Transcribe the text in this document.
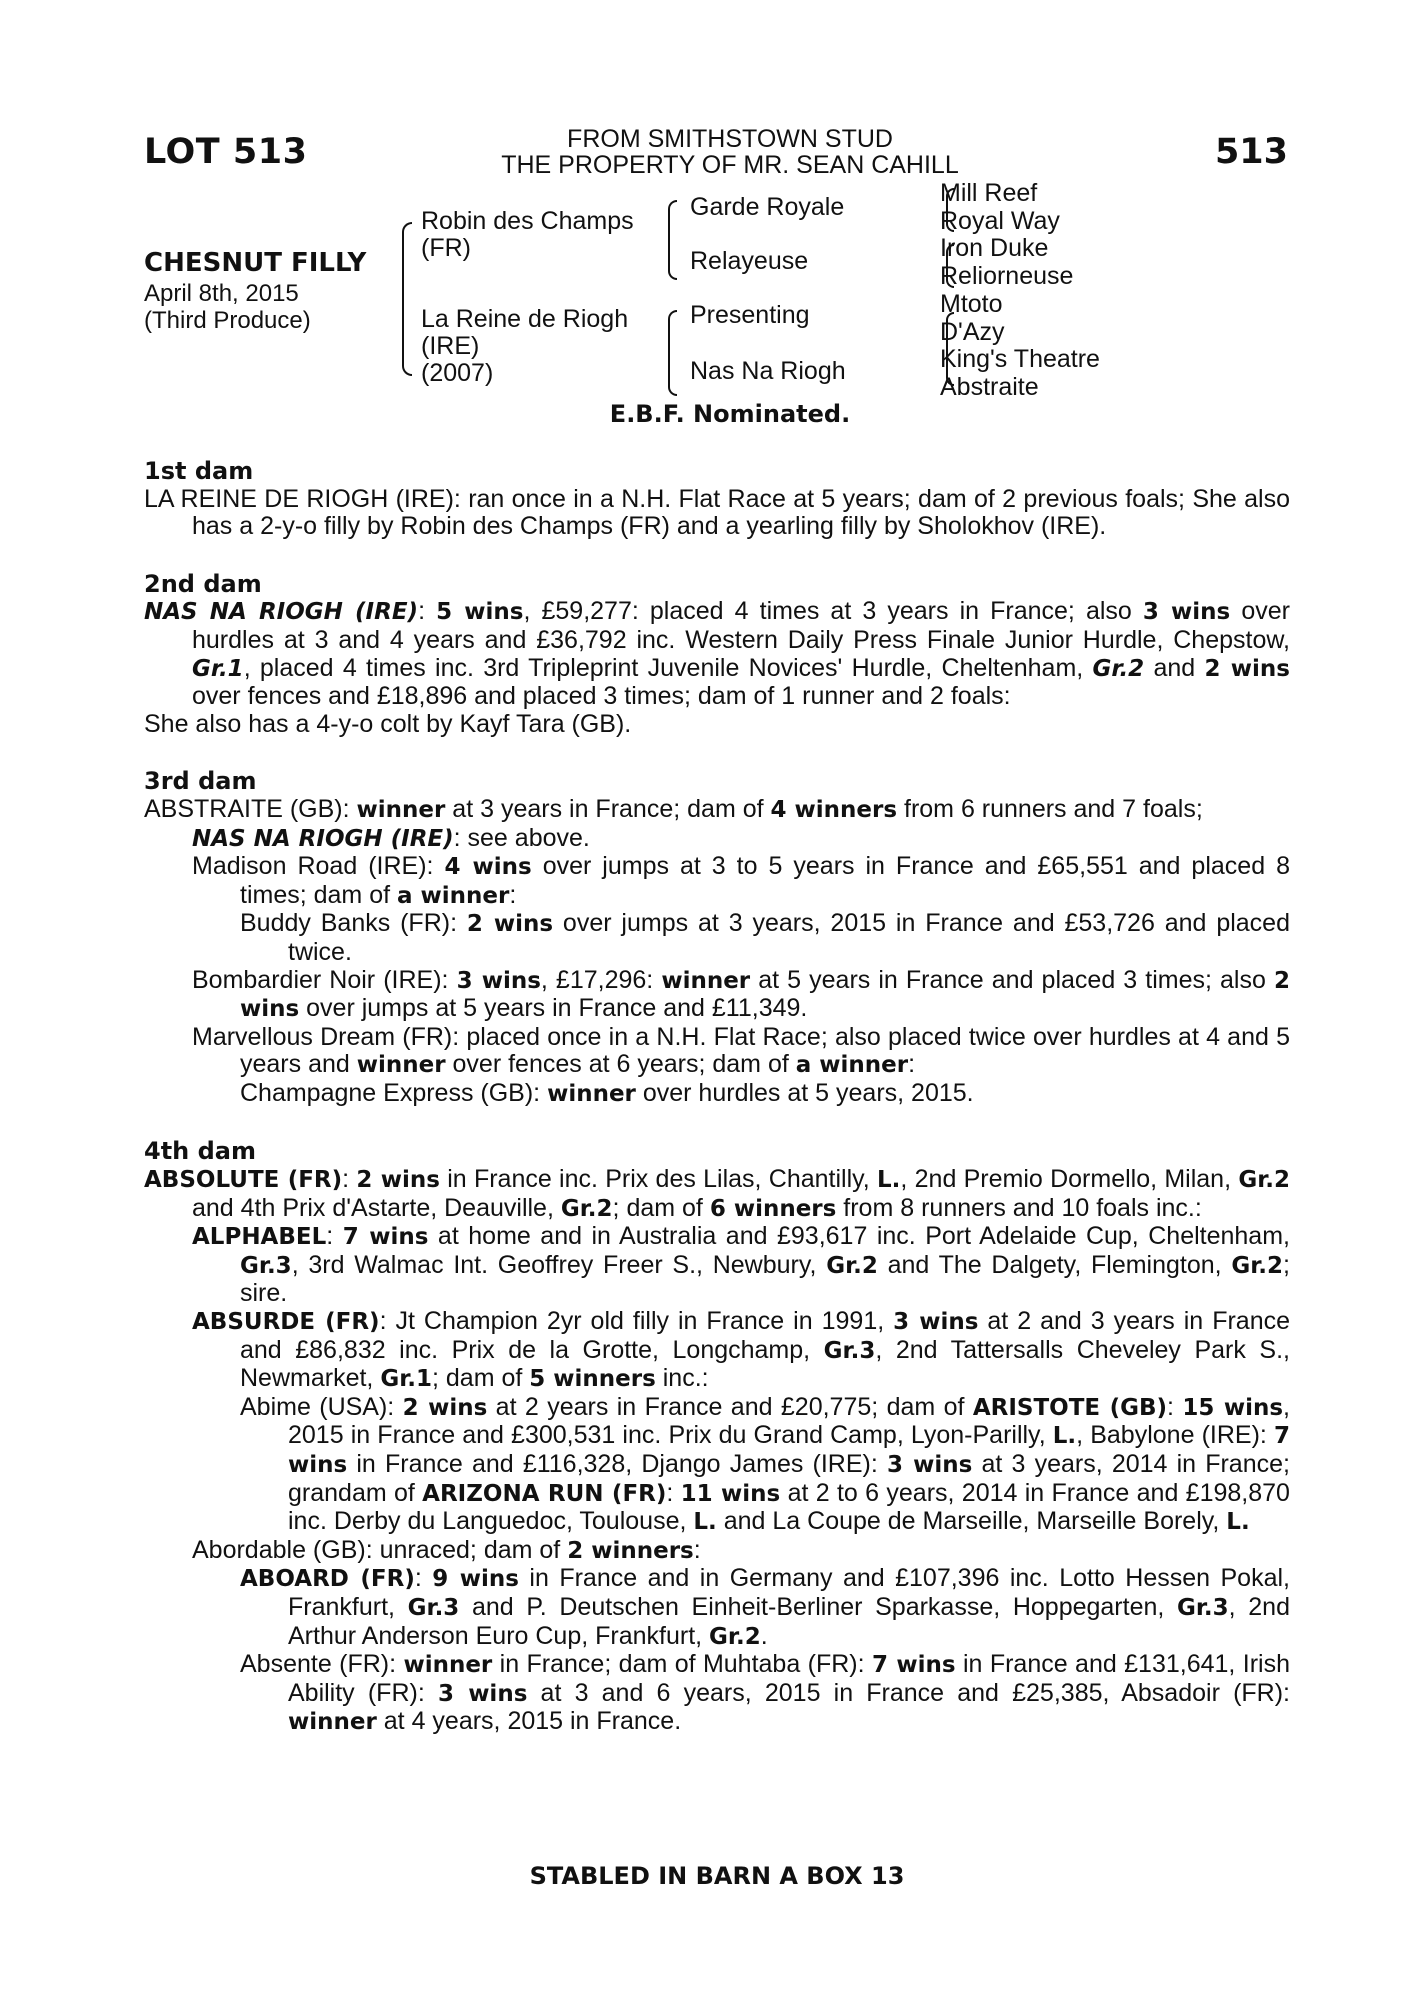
LOT 513	FROM SMITHSTOWN STUD
THE PROPERTY OF MR. SEAN CAHILL	513
CHESNUT FILLY
April 8th, 2015
(Third Produce)
Robin des Champs
(FR)
La Reine de Riogh
(IRE)
(2007)
Garde Royale
Relayeuse
Presenting
Nas Na Riogh
Mill Reef
Royal Way
Iron Duke
Reliorneuse
Mtoto
D'Azy
King's Theatre
Abstraite
E.B.F. Nominated.
1st dam
LA REINE DE RIOGH (IRE): ran once in a N.H. Flat Race at 5 years; dam of 2 previous foals; She also has a 2-y-o filly by Robin des Champs (FR) and a yearling filly by Sholokhov (IRE).
2nd dam
NAS NA RIOGH (IRE): 5 wins, £59,277: placed 4 times at 3 years in France; also 3 wins over hurdles at 3 and 4 years and £36,792 inc. Western Daily Press Finale Junior Hurdle, Chepstow, Gr.1, placed 4 times inc. 3rd Tripleprint Juvenile Novices' Hurdle, Cheltenham, Gr.2 and 2 wins over fences and £18,896 and placed 3 times; dam of 1 runner and 2 foals:
She also has a 4-y-o colt by Kayf Tara (GB).
3rd dam
ABSTRAITE (GB): winner at 3 years in France; dam of 4 winners from 6 runners and 7 foals;
NAS NA RIOGH (IRE): see above.
Madison Road (IRE): 4 wins over jumps at 3 to 5 years in France and £65,551 and placed 8 times; dam of a winner:
Buddy Banks (FR): 2 wins over jumps at 3 years, 2015 in France and £53,726 and placed twice.
Bombardier Noir (IRE): 3 wins, £17,296: winner at 5 years in France and placed 3 times; also 2 wins over jumps at 5 years in France and £11,349.
Marvellous Dream (FR): placed once in a N.H. Flat Race; also placed twice over hurdles at 4 and 5 years and winner over fences at 6 years; dam of a winner:
Champagne Express (GB): winner over hurdles at 5 years, 2015.
4th dam
ABSOLUTE (FR): 2 wins in France inc. Prix des Lilas, Chantilly, L., 2nd Premio Dormello, Milan, Gr.2 and 4th Prix d'Astarte, Deauville, Gr.2; dam of 6 winners from 8 runners and 10 foals inc.:
ALPHABEL: 7 wins at home and in Australia and £93,617 inc. Port Adelaide Cup, Cheltenham, Gr.3, 3rd Walmac Int. Geoffrey Freer S., Newbury, Gr.2 and The Dalgety, Flemington, Gr.2; sire.
ABSURDE (FR): Jt Champion 2yr old filly in France in 1991, 3 wins at 2 and 3 years in France and £86,832 inc. Prix de la Grotte, Longchamp, Gr.3, 2nd Tattersalls Cheveley Park S., Newmarket, Gr.1; dam of 5 winners inc.:
Abime (USA): 2 wins at 2 years in France and £20,775; dam of ARISTOTE (GB): 15 wins, 2015 in France and £300,531 inc. Prix du Grand Camp, Lyon-Parilly, L., Babylone (IRE): 7 wins in France and £116,328, Django James (IRE): 3 wins at 3 years, 2014 in France; grandam of ARIZONA RUN (FR): 11 wins at 2 to 6 years, 2014 in France and £198,870 inc. Derby du Languedoc, Toulouse, L. and La Coupe de Marseille, Marseille Borely, L.
Abordable (GB): unraced; dam of 2 winners:
ABOARD (FR): 9 wins in France and in Germany and £107,396 inc. Lotto Hessen Pokal, Frankfurt, Gr.3 and P. Deutschen Einheit-Berliner Sparkasse, Hoppegarten, Gr.3, 2nd Arthur Anderson Euro Cup, Frankfurt, Gr.2.
Absente (FR): winner in France; dam of Muhtaba (FR): 7 wins in France and £131,641, Irish Ability (FR): 3 wins at 3 and 6 years, 2015 in France and £25,385, Absadoir (FR): winner at 4 years, 2015 in France.
STABLED IN BARN A BOX 13
